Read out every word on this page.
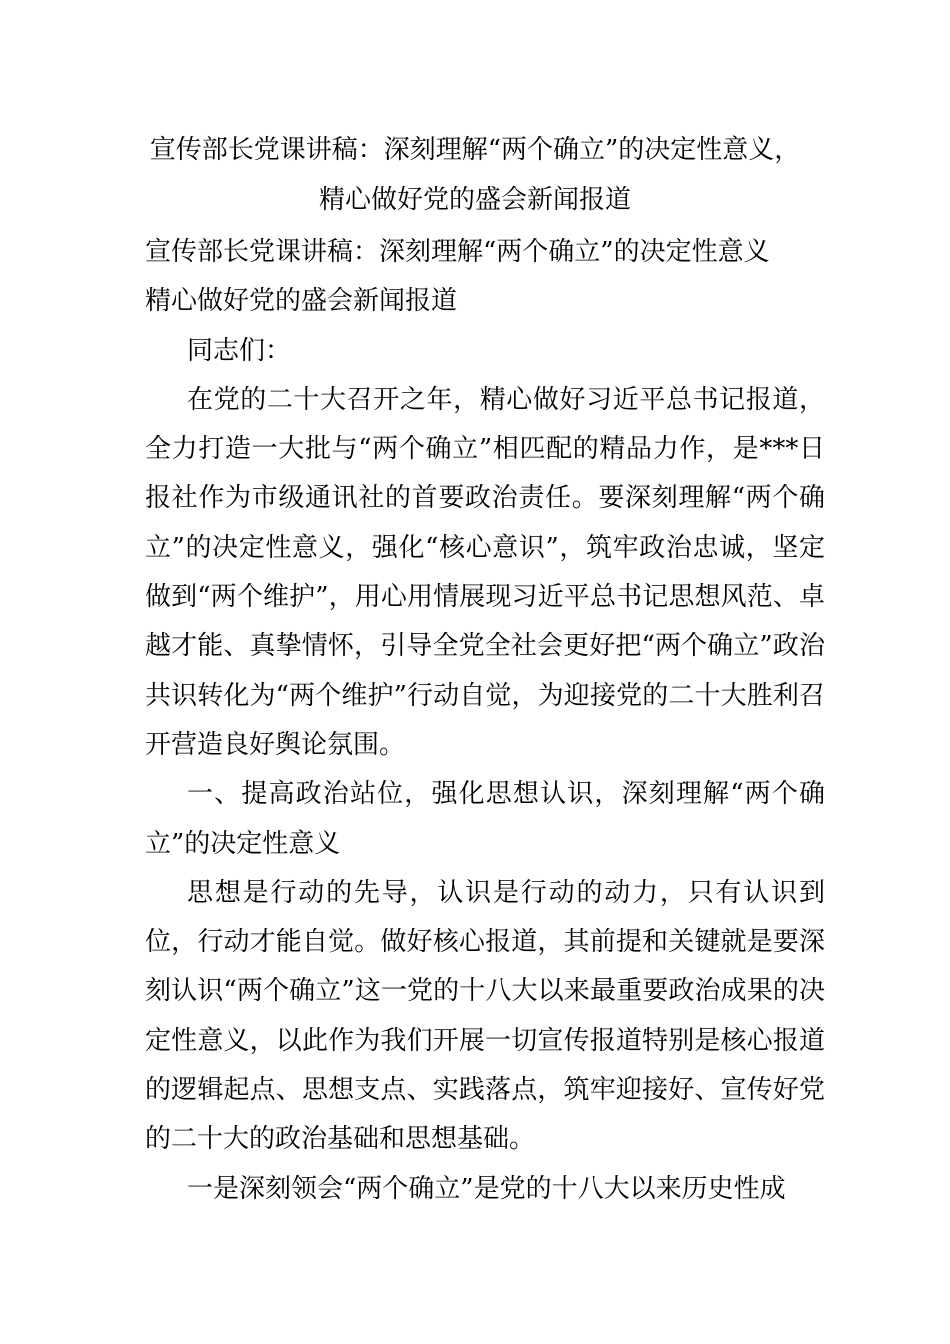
宣传部长党课讲稿：深刻理解“两个确立”的决定性意义，
精心做好党的盛会新闻报道

宣传部长党课讲稿：深刻理解“两个确立”的决定性意义

精心做好党的盛会新闻报道

同志们：

在党的二十大召开之年，精心做好习近平总书记报道，全力打造一大批与“两个确立”相匹配的精品力作，是***日报社作为市级通讯社的首要政治责任。要深刻理解“两个确立”的决定性意义，强化“核心意识”，筑牢政治忠诚，坚定做到“两个维护”，用心用情展现习近平总书记思想风范、卓越才能、真挚情怀，引导全党全社会更好把“两个确立”政治共识转化为“两个维护”行动自觉，为迎接党的二十大胜利召开营造良好舆论氛围。

一、提高政治站位，强化思想认识，深刻理解“两个确立”的决定性意义

思想是行动的先导，认识是行动的动力，只有认识到位，行动才能自觉。做好核心报道，其前提和关键就是要深刻认识“两个确立”这一党的十八大以来最重要政治成果的决定性意义，以此作为我们开展一切宣传报道特别是核心报道的逻辑起点、思想支点、实践落点，筑牢迎接好、宣传好党的二十大的政治基础和思想基础。

一是深刻领会“两个确立”是党的十八大以来历史性成
